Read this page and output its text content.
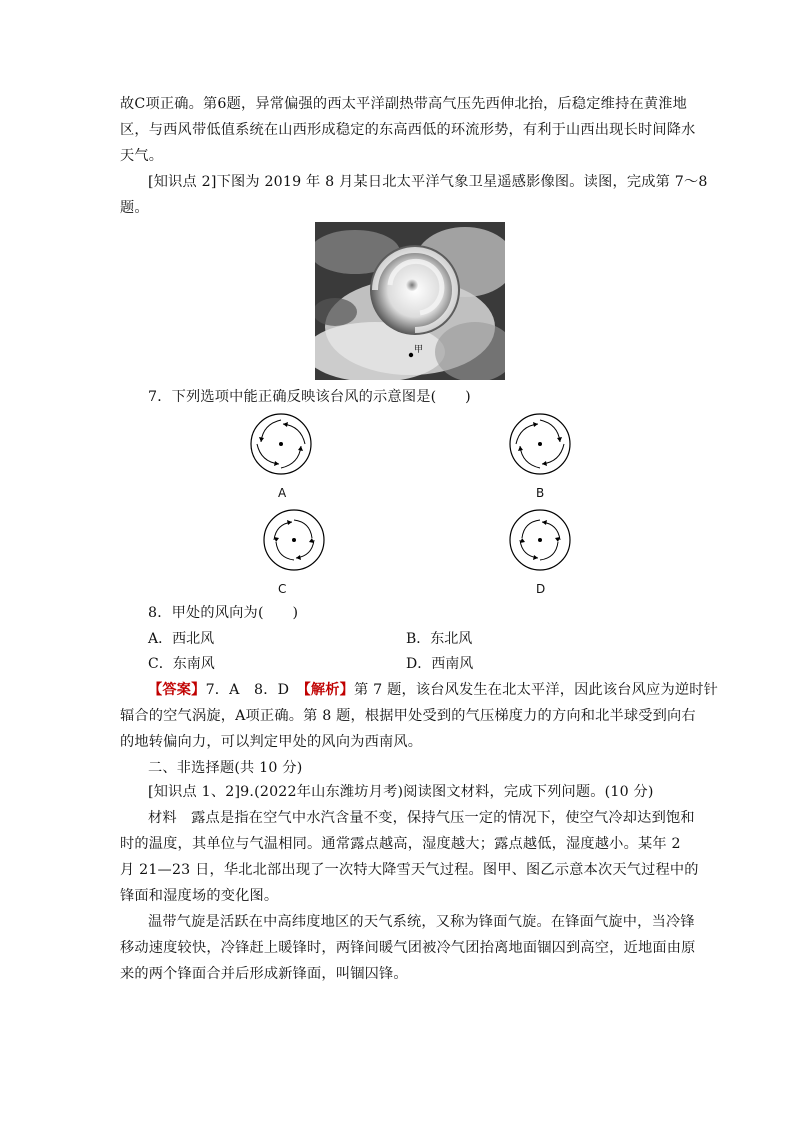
故C项正确。第6题，异常偏强的西太平洋副热带高气压先西伸北抬，后稳定维持在黄淮地
区，与西风带低值系统在山西形成稳定的东高西低的环流形势，有利于山西出现长时间降水
天气。
[知识点 2]下图为 2019 年 8 月某日北太平洋气象卫星遥感影像图。读图，完成第 7～8
题。
甲
7．下列选项中能正确反映该台风的示意图是(　　)
A	B
C	D
8．甲处的风向为(　　)
A．西北风	B．东北风
C．东南风	D．西南风
【答案】7．A　8．D　【解析】第 7 题，该台风发生在北太平洋，因此该台风应为逆时针
辐合的空气涡旋，A项正确。第 8 题，根据甲处受到的气压梯度力的方向和北半球受到向右
的地转偏向力，可以判定甲处的风向为西南风。
二、非选择题(共 10 分)
[知识点 1、2]9.(2022年山东潍坊月考)阅读图文材料，完成下列问题。(10 分)
材料　露点是指在空气中水汽含量不变，保持气压一定的情况下，使空气冷却达到饱和
时的温度，其单位与气温相同。通常露点越高，湿度越大；露点越低，湿度越小。某年 2
月 21—23 日，华北北部出现了一次特大降雪天气过程。图甲、图乙示意本次天气过程中的
锋面和湿度场的变化图。
温带气旋是活跃在中高纬度地区的天气系统，又称为锋面气旋。在锋面气旋中，当冷锋
移动速度较快，冷锋赶上暖锋时，两锋间暖气团被冷气团抬离地面锢囚到高空，近地面由原
来的两个锋面合并后形成新锋面，叫锢囚锋。
